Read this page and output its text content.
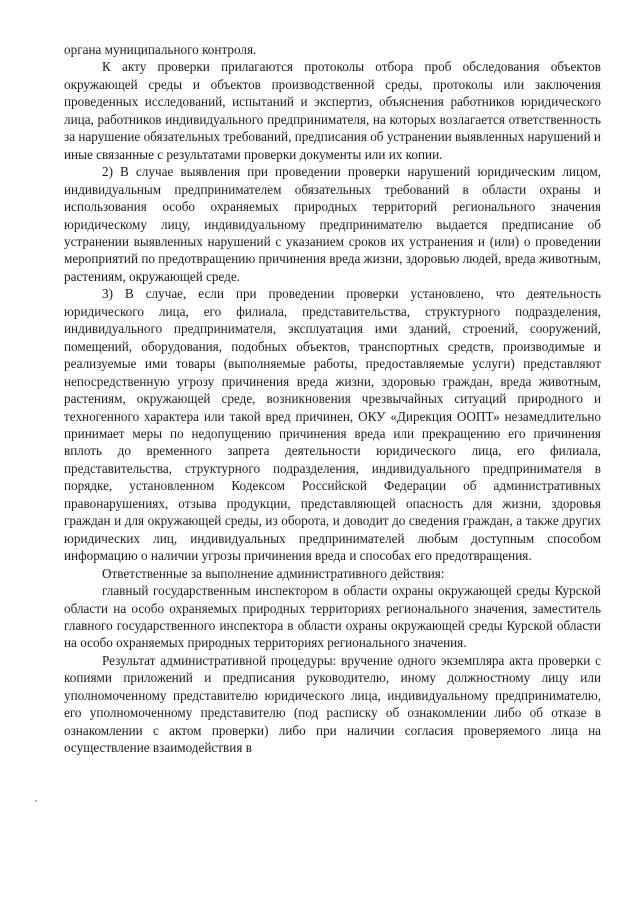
органа муниципального контроля.

К акту проверки прилагаются протоколы отбора проб обследования объектов окружающей среды и объектов производственной среды, протоколы или заключения проведенных исследований, испытаний и экспертиз, объяснения работников юридического лица, работников индивидуального предпринимателя, на которых возлагается ответственность за нарушение обязательных требований, предписания об устранении выявленных нарушений и иные связанные с результатами проверки документы или их копии.

2) В случае выявления при проведении проверки нарушений юридическим лицом, индивидуальным предпринимателем обязательных требований в области охраны и использования особо охраняемых природных территорий регионального значения юридическому лицу, индивидуальному предпринимателю выдается предписание об устранении выявленных нарушений с указанием сроков их устранения и (или) о проведении мероприятий по предотвращению причинения вреда жизни, здоровью людей, вреда животным, растениям, окружающей среде.

3) В случае, если при проведении проверки установлено, что деятельность юридического лица, его филиала, представительства, структурного подразделения, индивидуального предпринимателя, эксплуатация ими зданий, строений, сооружений, помещений, оборудования, подобных объектов, транспортных средств, производимые и реализуемые ими товары (выполняемые работы, предоставляемые услуги) представляют непосредственную угрозу причинения вреда жизни, здоровью граждан, вреда животным, растениям, окружающей среде, возникновения чрезвычайных ситуаций природного и техногенного характера или такой вред причинен, ОКУ «Дирекция ООПТ» незамедлительно принимает меры по недопущению причинения вреда или прекращению его причинения вплоть до временного запрета деятельности юридического лица, его филиала, представительства, структурного подразделения, индивидуального предпринимателя в порядке, установленном Кодексом Российской Федерации об административных правонарушениях, отзыва продукции, представляющей опасность для жизни, здоровья граждан и для окружающей среды, из оборота, и доводит до сведения граждан, а также других юридических лиц, индивидуальных предпринимателей любым доступным способом информацию о наличии угрозы причинения вреда и способах его предотвращения.

Ответственные за выполнение административного действия:

главный государственным инспектором в области охраны окружающей среды Курской области на особо охраняемых природных территориях регионального значения, заместитель главного государственного инспектора в области охраны окружающей среды Курской области на особо охраняемых природных территориях регионального значения.

Результат административной процедуры: вручение одного экземпляра акта проверки с копиями приложений и предписания руководителю, иному должностному лицу или уполномоченному представителю юридического лица, индивидуальному предпринимателю, его уполномоченному представителю (под расписку об ознакомлении либо об отказе в ознакомлении с актом проверки) либо при наличии согласия проверяемого лица на осуществление взаимодействия в
